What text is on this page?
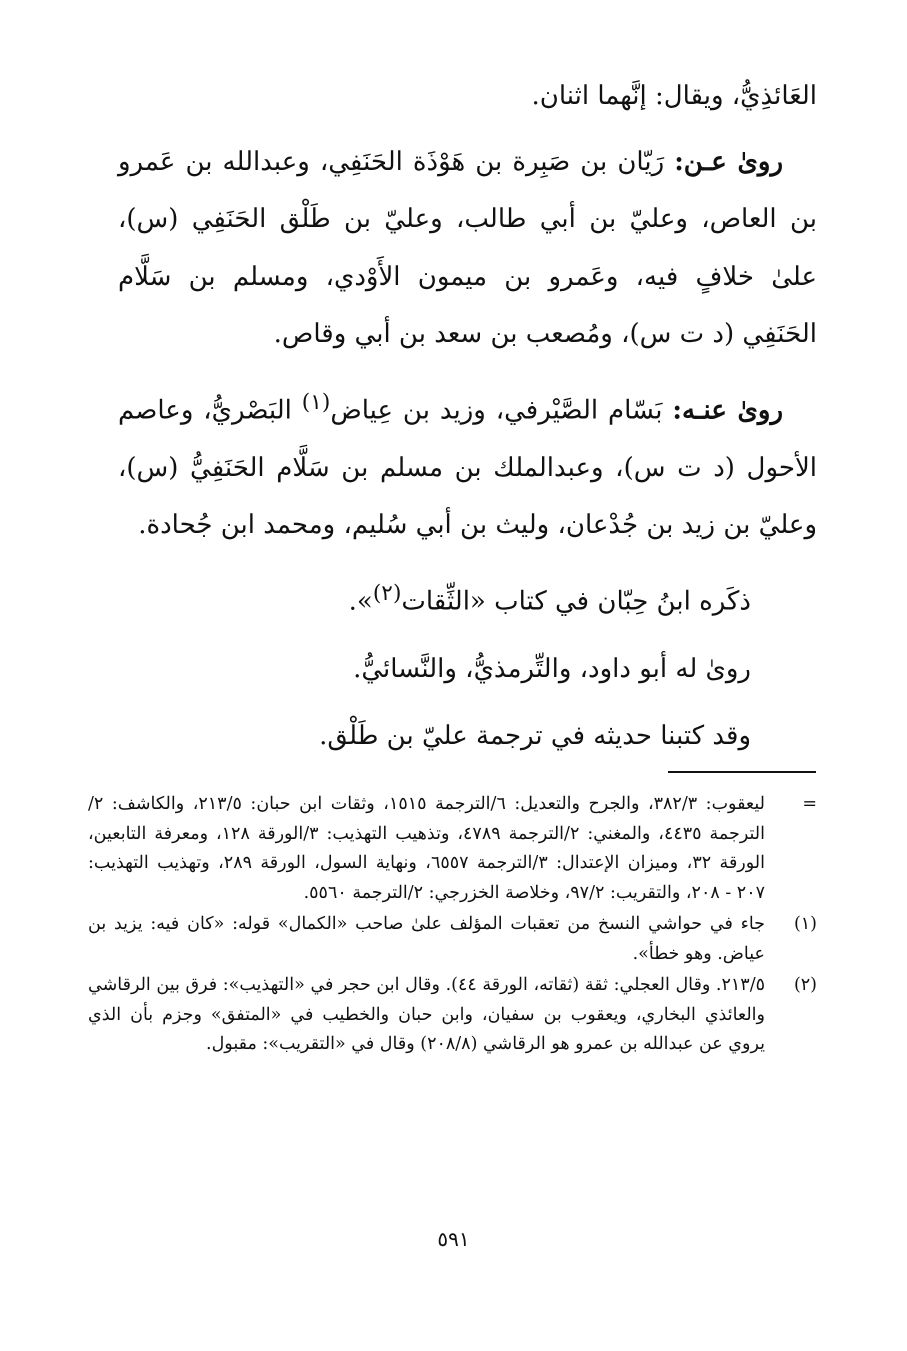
العَائذِيُّ، ويقال: إنَّهما اثنان.

روىٰ عـن: رَيّان بن صَبِرة بن هَوْذَة الحَنَفِي، وعبدالله بن عَمرو بن العاص، وعليّ بن أبي طالب، وعليّ بن طَلْق الحَنَفِي (س)، علىٰ خلافٍ فيه، وعَمرو بن ميمون الأَوْدي، ومسلم بن سَلَّام الحَنَفِي (د ت س)، ومُصعب بن سعد بن أبي وقاص.

روىٰ عنـه: بَسّام الصَّيْرفي، وزيد بن عِياض$^{(١)}$ البَصْريُّ، وعاصم الأحول (د ت س)، وعبدالملك بن مسلم بن سَلَّام الحَنَفِيُّ (س)، وعليّ بن زيد بن جُدْعان، وليث بن أبي سُليم، ومحمد ابن جُحادة.

ذكَره ابنُ حِبّان في كتاب «الثِّقات$^{(٢)}$».

روىٰ له أبو داود، والتِّرمذيُّ، والنَّسائيُّ.

وقد كتبنا حديثه في ترجمة عليّ بن طَلْق.

=
ليعقوب: ٣٨٢/٣، والجرح والتعديل: ٦/الترجمة ١٥١٥، وثقات ابن حبان: ٢١٣/٥، والكاشف: ٢/الترجمة ٤٤٣٥، والمغني: ٢/الترجمة ٤٧٨٩، وتذهيب التهذيب: ٣/الورقة ١٢٨، ومعرفة التابعين، الورقة ٣٢، وميزان الإعتدال: ٣/الترجمة ٦٥٥٧، ونهاية السول، الورقة ٢٨٩، وتهذيب التهذيب: ٢٠٧ - ٢٠٨، والتقريب: ٩٧/٢، وخلاصة الخزرجي: ٢/الترجمة ٥٥٦٠.
(١)
جاء في حواشي النسخ من تعقبات المؤلف علىٰ صاحب «الكمال» قوله: «كان فيه: يزيد بن عياض. وهو خطأ».
(٢)
٢١٣/٥. وقال العجلي: ثقة (ثقاته، الورقة ٤٤). وقال ابن حجر في «التهذيب»: فرق بين الرقاشي والعائذي البخاري، ويعقوب بن سفيان، وابن حبان والخطيب في «المتفق» وجزم بأن الذي يروي عن عبدالله بن عمرو هو الرقاشي (٢٠٨/٨) وقال في «التقريب»: مقبول.
٥٩١
